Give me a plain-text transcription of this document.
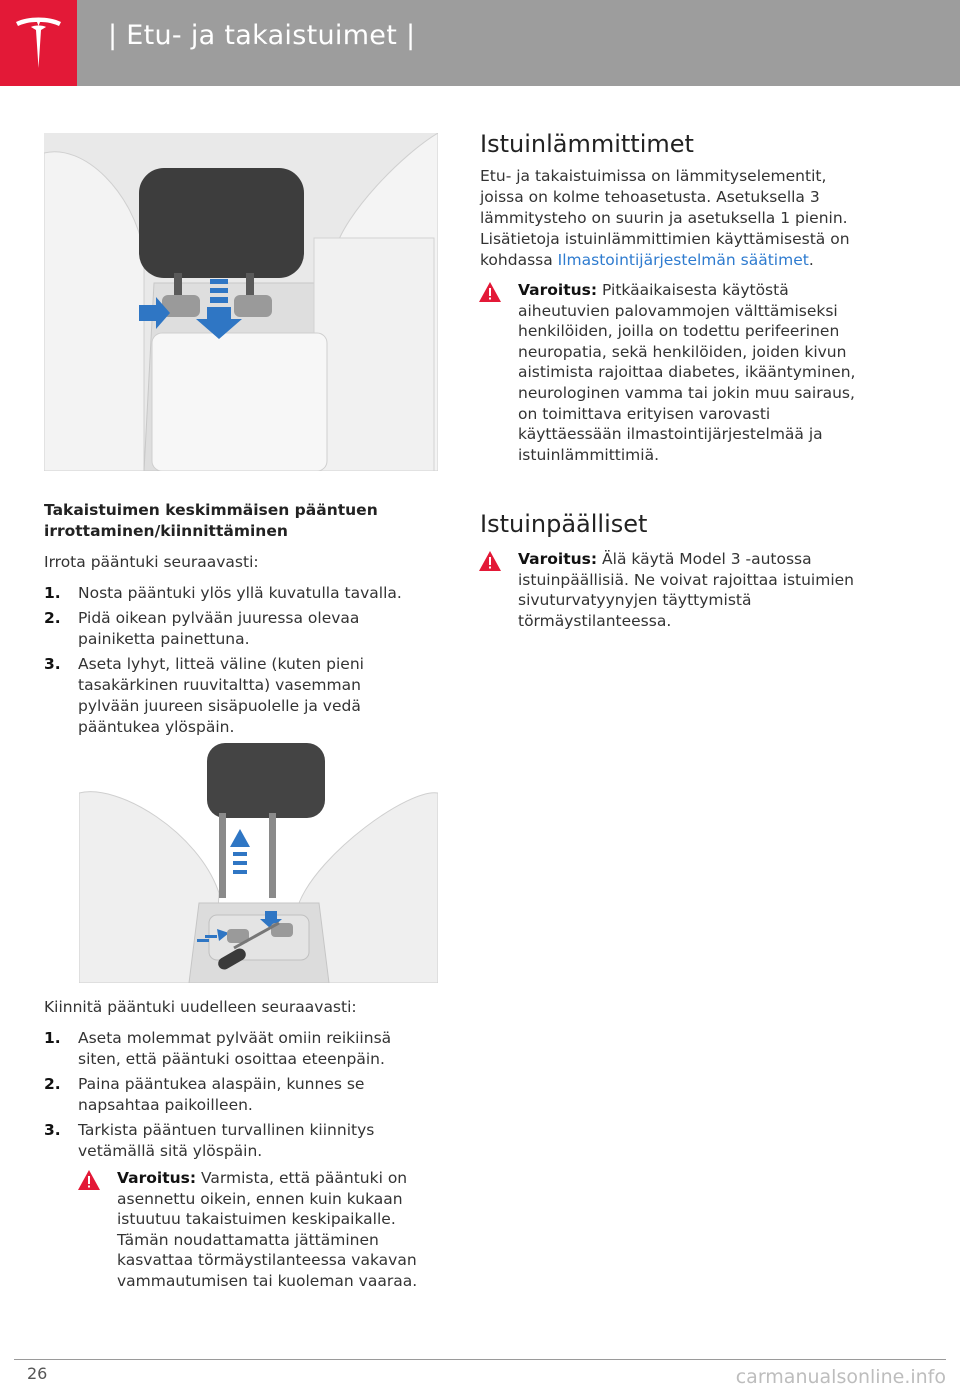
| Etu- ja takaistuimet |
Takaistuimen keskimmäisen pääntuen irrottaminen/kiinnittäminen
Irrota pääntuki seuraavasti:
1. Nosta pääntuki ylös yllä kuvatulla tavalla.
2. Pidä oikean pylvään juuressa olevaa painiketta painettuna.
3. Aseta lyhyt, litteä väline (kuten pieni tasakärkinen ruuvitaltta) vasemman pylvään juureen sisäpuolelle ja vedä pääntukea ylöspäin.
Kiinnitä pääntuki uudelleen seuraavasti:
1. Aseta molemmat pylväät omiin reikiinsä siten, että pääntuki osoittaa eteenpäin.
2. Paina pääntukea alaspäin, kunnes se napsahtaa paikoilleen.
3. Tarkista pääntuen turvallinen kiinnitys vetämällä sitä ylöspäin.
Varoitus: Varmista, että pääntuki on asennettu oikein, ennen kuin kukaan istuutuu takaistuimen keskipaikalle. Tämän noudattamatta jättäminen kasvattaa törmäystilanteessa vakavan vammautumisen tai kuoleman vaaraa.
Istuinlämmittimet
Etu- ja takaistuimissa on lämmityselementit, joissa on kolme tehoasetusta. Asetuksella 3 lämmitysteho on suurin ja asetuksella 1 pienin. Lisätietoja istuinlämmittimien käyttämisestä on kohdassa Ilmastointijärjestelmän säätimet.
Varoitus: Pitkäaikaisesta käytöstä aiheutuvien palovammojen välttämiseksi henkilöiden, joilla on todettu perifeerinen neuropatia, sekä henkilöiden, joiden kivun aistimista rajoittaa diabetes, ikääntyminen, neurologinen vamma tai jokin muu sairaus, on toimittava erityisen varovasti käyttäessään ilmastointijärjestelmää ja istuinlämmittimiä.
Istuinpäälliset
Varoitus: Älä käytä Model 3 -autossa istuinpäällisiä. Ne voivat rajoittaa istuimien sivuturvatyynyjen täyttymistä törmäystilanteessa.
26	carmanualsonline.info
